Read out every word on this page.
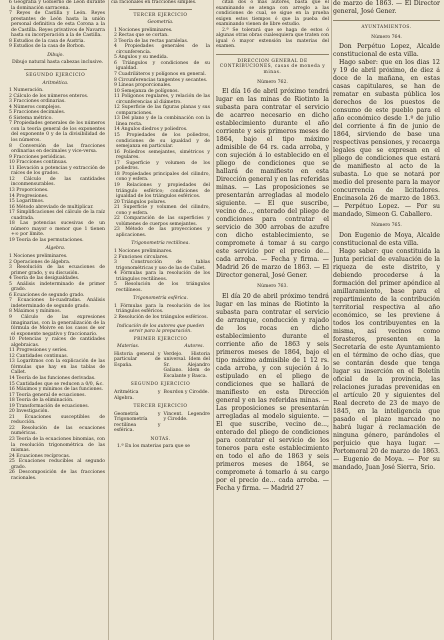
6 Geografía y Gobierno de León durante la dominación sarracena.

7 Reyes de Castilla y León. Reyes prestantes de León hasta la unión personal definitiva de esta Corona a la de Castilla. Reyes privativos de Navarra hasta su incorporación a la de Castilla.

8 Estudios de la casa de Austria.

9 Estudios de la casa de Borbon.

Dibujo.

Dibujo natural hasta cabezas inclusive.

SEGUNDO EJERCICIO

Aritmética.

1 Numeración.

2 Cálculo de los números enteros.

3 Fracciones ordinarias.

4 Números complejos.

5 Fracciones decimales.

6 Sistema métrico.

7 Propiedades generales de los números con la teoría general de los exponentes del exponente 0 y de la divisibilidad de los números.

8 Conversión de las fracciones ordinarias en decimales y vice-versa.

9 Fracciones periódicas.

10 Fracciones continuas.

11 Elevación a potencias y extracción de raíces de los grados.

12 Cálculo de las cantidades inconmensurables.

13 Proporciones.

14 Progresiones.

15 Logaritmos.

16 Método abreviado de multiplicar.

17 Simplificaciones del cálculo de la raíz cuadrada.

18 Las potencias sucesivas de un número mayor o menor que 1 tienen +∞ por límite.

19 Teoría de las permutaciones.

Algebra.

1 Nociones preliminares.

2 Operaciones de álgebra.

3 Resolución de las ecuaciones de primer grado, y su discusión.

4 Teoría de las desigualdades.

5 Análisis indeterminado de primer grado.

6 Ecuaciones de segundo grado.

7 Ecuaciones bi-cuadradas. Análisis indeterminado de segundo grado.

8 Máximos y mínimos.

9 Cálculo de las expresiones imaginarias, con la generalización de la fórmula de Moivre en los casos de ser el exponente negativo y fraccionario.

10 Potencias y raíces de cantidades algebraicas.

11 Progresiones y series.

12 Cantidades continuas.

13 Logaritmos con la explicación de las fórmulas que hay en las tablas de Callet.

14 Teoría de las funciones derivadas.

15 Cantidades que se reducen a 0/0, &c.

16 Máximos y mínimos de las funciones.

17 Teoría general de ecuaciones.

18 Teoría de la eliminación.

19 Transformación de ecuaciones.

20 Investigación.

21 Ecuaciones susceptibles de reducción.

22 Resolución de las ecuaciones numéricas.

23 Teoría de la ecuaciones binomias, con la resolución trigonométrica de las mismas.

24 Ecuaciones recíprocas.

25 Ecuaciones reducibles al segundo grado.

26 Descomposición de las fracciones racionales.

cia racionales en fracciones simples.

TERCER EJERCICIO

Geometría.

1 Nociones preliminares.

2 Rectas que se cortan.

3 Teoría de las rectas paralelas.

4 Propiedades generales de la circunferencia.

5 Ángulos y su medida.

6 Triángulos y condiciones de su igualdad.

7 Cuadriláteros y polígonos en general.

8 Circunferencias tangentes y secantes.

9 Líneas proporcionales.

10 Semejanza de polígonos.

11 Polígonos regulares, y relación de las circunferencias al diámetro.

12 Superficie de las figuras planas y sus comparaciones.

13 Del plano y de la combinación con la línea recta.

14 Ángulos diedros y poliedros.

15 Propiedades de los poliedros, condiciones de su igualdad y de semejanza en particular.

16 Poliedros semejantes, simétricos y regulares.

17 Superficie y volumen de los poliedros.

18 Propiedades principales del cilindro, cono y esfera.

19 Relaciones y propiedades del triángulo esférico; condiciones de igualdad de los triángulos esféricos.

20 Triángulos polares.

21 Superficie y volumen del cilindro, cono y esfera.

22 Comparación de las superficies y volúmenes de cuerpos semejantes.

23 Método de las proyecciones y aplicaciones.

Trigonometría rectilínea.

1 Nociones preliminares.

2 Funciones circulares.

3 Construcción de tablas trigonométricas y uso de las de Callet.

4 Fórmulas para la resolución de los triángulos rectilíneos.

5 Resolución de los triángulos rectilíneos.

Trigonometría esférica.

1 Fórmulas para la resolución de los triángulos esféricos.

2 Resolución de los triángulos esféricos.

Indicación de los autores que pueden servir para la preparación.

PRIMER EJERCICIO

Materias.	Autores.
Historia general y particular de España.
Verdejo. Historia universal. Idem del Sr. Alejandro Galiano. Idem de Escalante y Basca.

SEGUNDO EJERCICIO

Aritmética y Algebra.
Bourdon y Cirodde.

TERCER EJERCICIO

Geometría y Trigonometría rectilínea y esférica.
Vincent. Legendre y Cirodde.

NOTAS.

1.ª En los materias para que se

citan dos ó más autores, basta que el examinando se atenga con arreglo a las condiciones de cual, se sigue en la prueba exigen estos tiempos ó que la pueba del examinando vienen de libre estudio.

2.ª Se tolerará que se haga de estos ó algunas otras obras cualesquiera que traten con igual ó mayor extensión las materias del examen.

DIRECCION GENERAL DE CONTRIBUCIONES, casas de moneda y minas.

Número 762.

El día 16 de abril próximo tendrá lugar en las minas de Riotinto la subasta para contratar el servicio de acarreo necesario en dicho establecimiento durante el año corriente y seis primeros meses de 1864, bajo el tipo máximo admisible de 64 rs. cada arroba, y con sujeción á lo establecido en el pliego de condiciones que se hallará de manifiesto en esta Dirección general y en las referidas minas. — Las proposiciones se presentarán arregladas al modelo siguiente. — El que suscribe, vecino de..., enterado del pliego de condiciones para contratar el servicio de 300 arrobas de azufre con dicho establecimiento, se compromete á tomar á su cargo este servicio por el precio de... cada arroba. — Fecha y firma. — Madrid 26 de marzo de 1863. — El Director general, José Gener.

Número 763.

El día 20 de abril próximo tendrá lugar en las minas de Riotinto la subasta para contratar el servicio de arranque, conducción y rajado de los rocas en dicho establecimiento durante el corriente año de 1863 y seis primeros meses de 1864, bajo el tipo máximo admisible de 1 12 rs. cada arroba, y con sujeción á lo estipulado en el pliego de condiciones que se hallará de manifiesto en esta Dirección general y en las referidas minas. — Las proposiciones se presentarán arregladas al modelo siguiente. — El que suscribe, vecino de..., enterado del pliego de condiciones para contratar el servicio de los toneros para este establecimiento en todo el año de 1863 y seis primeros meses de 1864, se compromete á tomarlo á su cargo por el precio de... cada arroba. — Fecha y firma. — Madrid 27

de marzo de 1863. — El Director general, José Gener.

AYUNTAMIENTOS.

Número 764.

Don Perpétuo Lopez, Alcalde constitucional de esta villa.

Hago saber: que en los dias 12 y 19 de abril próximo, de diez á doce de la mañana, en estas casas capitulares, se han de rematar en subasta pública los derechos de los puestos de consumo de este pueblo para el año económico desde 1.º de julio del corriente á fin de junio de 1864, sirviendo de base una respectivas pensiones, y recaerga legales que se expresan en el pliego de condiciones que estará de manifiesto al acto de la subasta. Lo que se notará por medio del presente para la mayor concurrencia de licitadores. Encinasola 26 de marzo de 1863. — Perpétuo Lopez. — Por su mandado, Simeon G. Caballero.

Número 765.

Don Eugenio de Moya, Alcalde constitucional de esta villa.

Hago saber: que constituida la Junta pericial de evaluación de la riqueza de este distrito, y debiendo procederse á la formación del primer apéndice al amillaramiento, base para el repartimiento de la contribución territorial respectiva al año económico, se les previene á todos los contribuyentes en la misma, así vecinos como forasteros, presenten en la Secretaría de este Ayuntamiento en el término de ocho días, que se contarán desde que tenga lugar su inserción en el Boletín oficial de la provincia, las relaciones juradas prevenidas en el artículo 20 y siguientes del Real decreto de 23 de mayo de 1845, en la inteligencia que pasado el plazo marcado no habrá lugar á reclamación de ninguna género, parándoles el perjuicio que haya lugar. — Portomoral 20 de marzo de 1863. — Eugenio de Moya. — Por su mandado, Juan José Sierra, Srio.
